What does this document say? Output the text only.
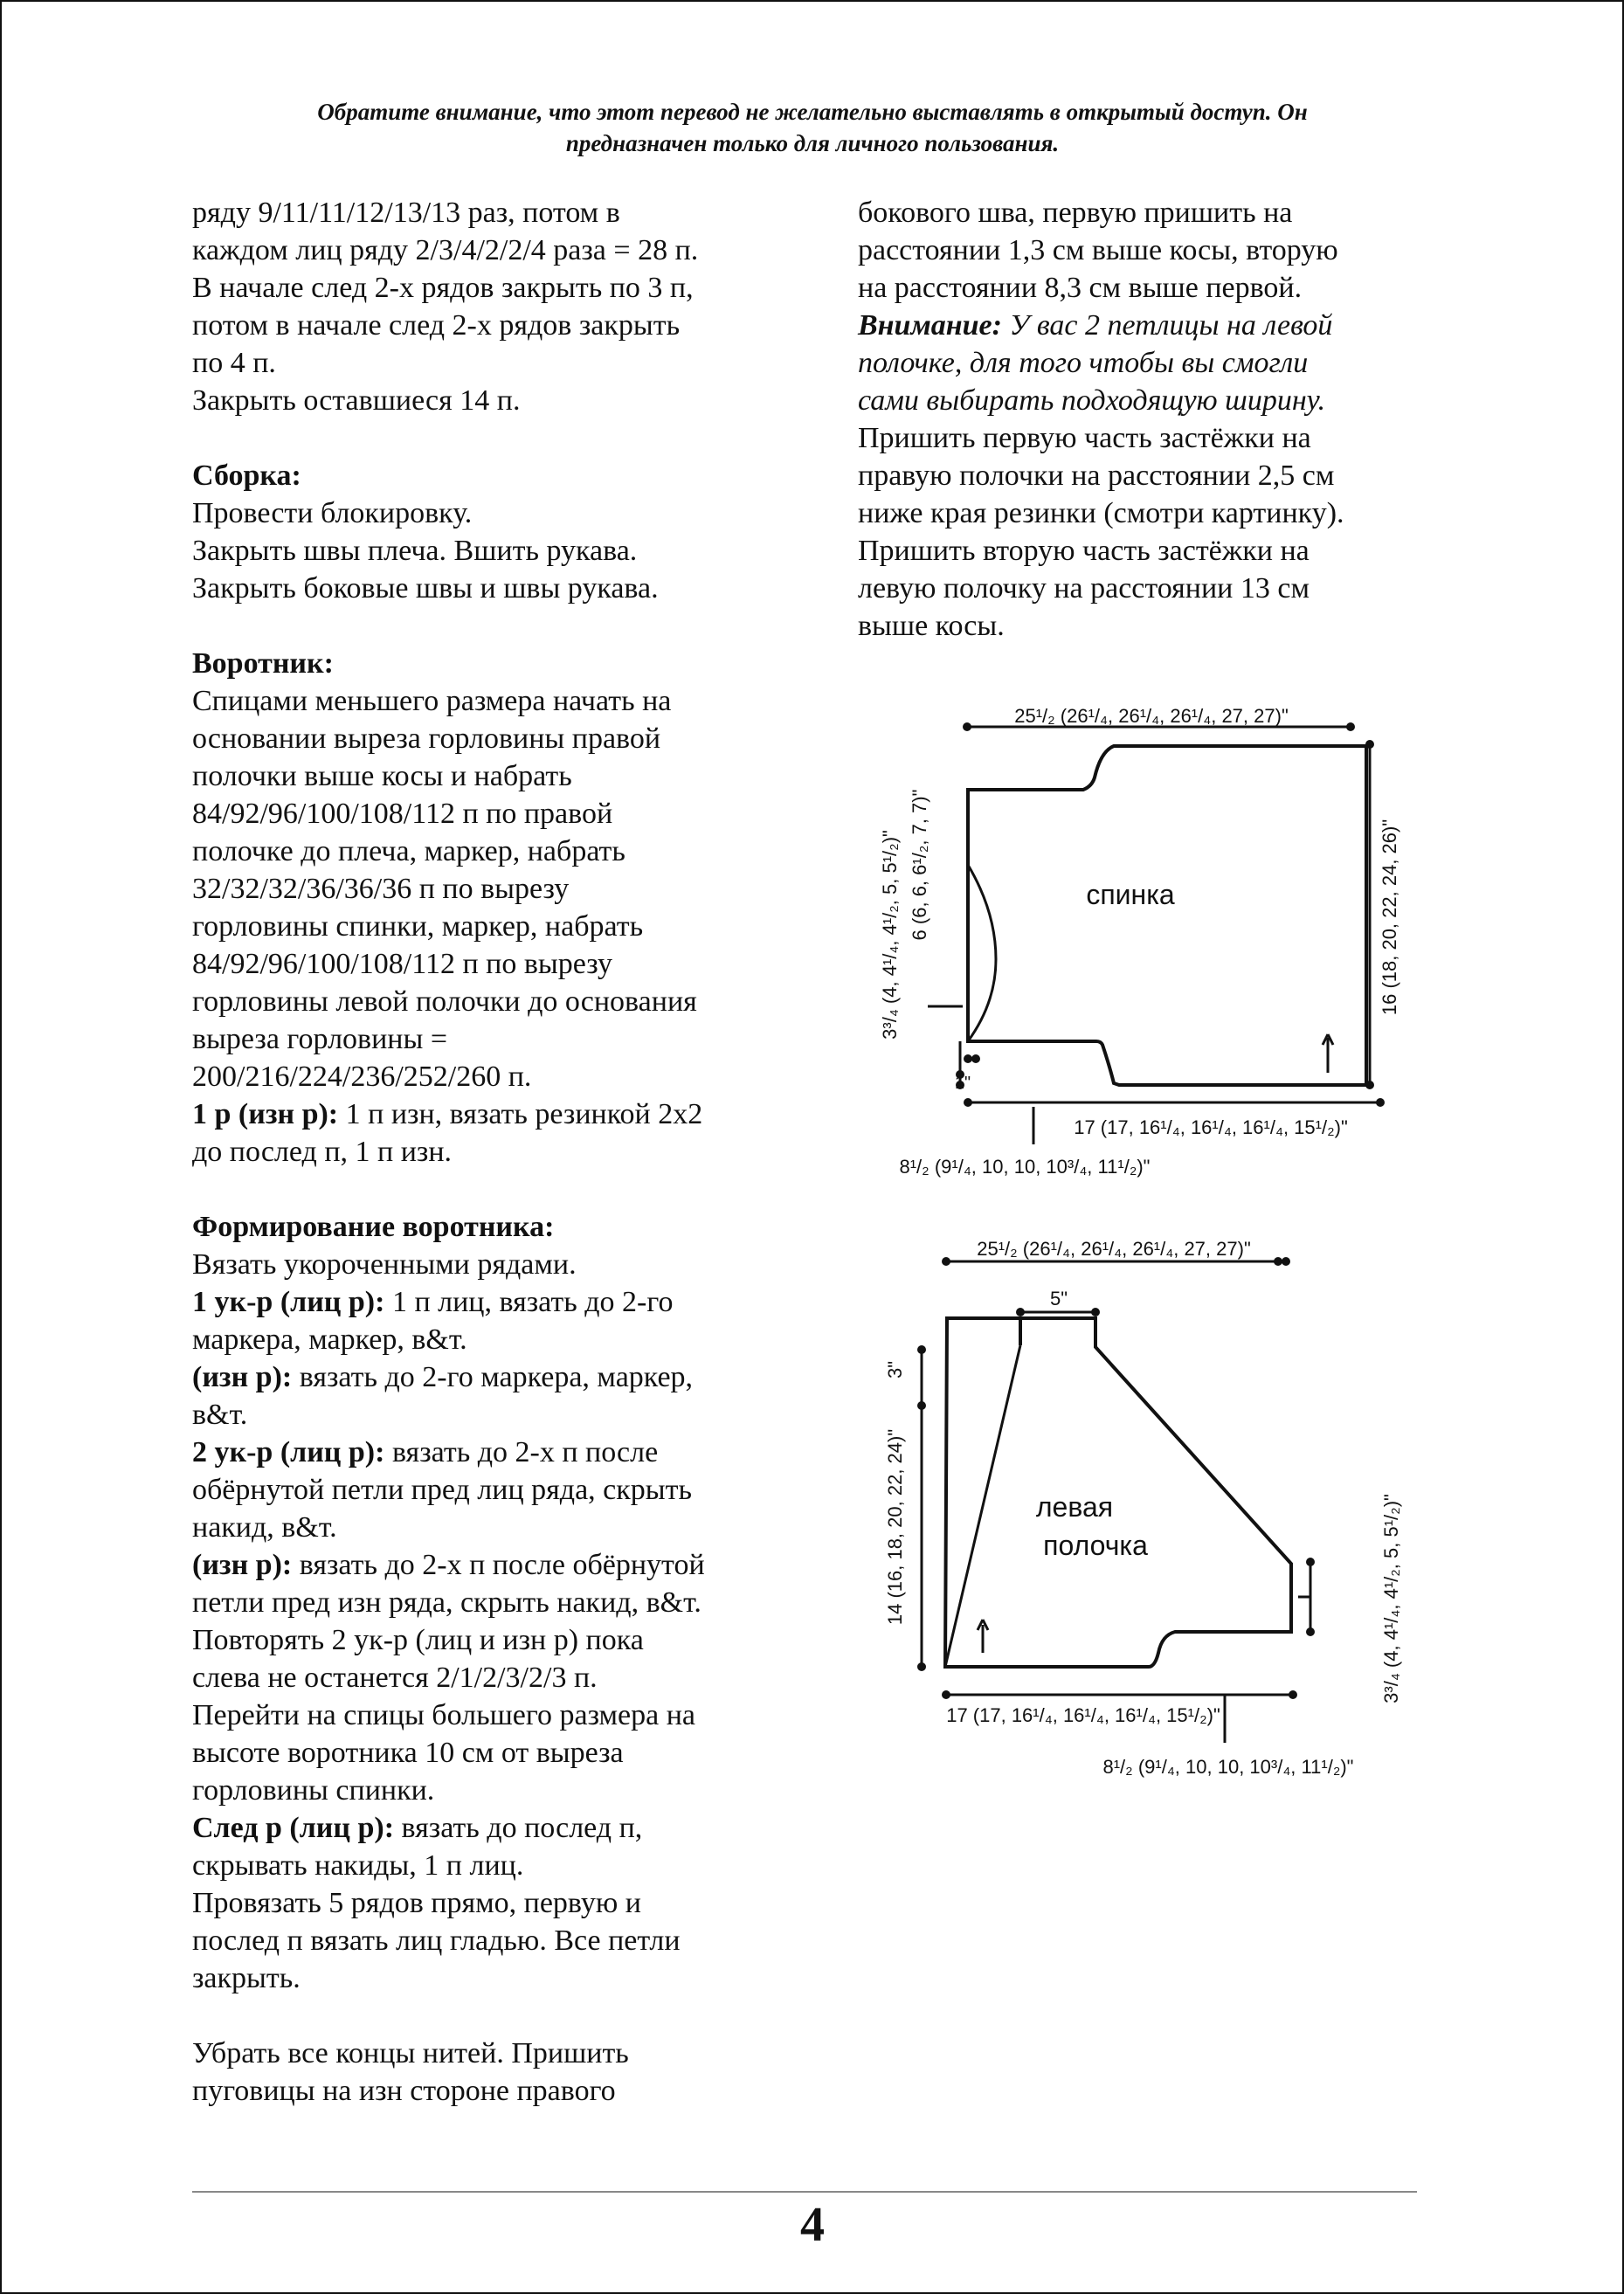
Обратите внимание, что этот перевод не желательно выставлять в открытый доступ. Он
предназначен только для личного пользования.

ряду 9/11/11/12/13/13 раз, потом в

каждом лиц ряду 2/3/4/2/2/4 раза = 28 п.

В начале след 2-х рядов закрыть по 3 п,

потом в начале след 2-х рядов закрыть

по 4 п.

Закрыть оставшиеся 14 п.

Сборка:

Провести блокировку.

Закрыть швы плеча. Вшить рукава.

Закрыть боковые швы и швы рукава.

Воротник:

Спицами меньшего размера начать на

основании выреза горловины правой

полочки выше косы и набрать

84/92/96/100/108/112 п по правой

полочке до плеча, маркер, набрать

32/32/32/36/36/36 п по вырезу

горловины спинки, маркер, набрать

84/92/96/100/108/112 п по вырезу

горловины левой полочки до основания

выреза горловины =

200/216/224/236/252/260 п.

1 р (изн р): 1 п изн, вязать резинкой 2х2

до послед п, 1 п изн.

Формирование воротника:

Вязать укороченными рядами.

1 ук-р (лиц р): 1 п лиц, вязать до 2-го

маркера, маркер, в&т.

(изн р): вязать до 2-го маркера, маркер,

в&т.

2 ук-р (лиц р): вязать до 2-х п после

обёрнутой петли пред лиц ряда, скрыть

накид, в&т.

(изн р): вязать до 2-х п после обёрнутой

петли пред изн ряда, скрыть накид, в&т.

Повторять 2 ук-р (лиц и изн р) пока

слева не останется 2/1/2/3/2/3 п.

Перейти на спицы большего размера на

высоте воротника 10 см от выреза

горловины спинки.

След р (лиц р): вязать до послед п,

скрывать накиды, 1 п лиц.

Провязать 5 рядов прямо, первую и

послед п вязать лиц гладью. Все петли

закрыть.

Убрать все концы нитей. Пришить

пуговицы на изн стороне правого

бокового шва, первую пришить на

расстоянии 1,3 см выше косы, вторую

на расстоянии 8,3 см выше первой.

Внимание: У вас 2 петлицы на левой

полочке, для того чтобы вы смогли

сами выбирать подходящую ширину.

Пришить первую часть застёжки на

правую полочки на расстоянии 2,5 см

ниже края резинки (смотри картинку).

Пришить вторую часть застёжки на

левую полочку на расстоянии 13 см

выше косы.

25¹/₂ (26¹/₄, 26¹/₄, 26¹/₄, 27, 27)"
спинка	16 (18, 20, 22, 24, 26)"
6 (6, 6, 6¹/₂, 7, 7)"
3³/₄ (4, 4¹/₄, 4¹/₂, 5, 5¹/₂)"
1"
17 (17, 16¹/₄, 16¹/₄, 16¹/₄, 15¹/₂)"
8¹/₂ (9¹/₄, 10, 10, 10³/₄, 11¹/₂)"
25¹/₂ (26¹/₄, 26¹/₄, 26¹/₄, 27, 27)"
5"
3"
14 (16, 18, 20, 22, 24)"	3³/₄ (4, 4¹/₄, 4¹/₂, 5, 5¹/₂)"
левая
полочка
17 (17, 16¹/₄, 16¹/₄, 16¹/₄, 15¹/₂)"
8¹/₂ (9¹/₄, 10, 10, 10³/₄, 11¹/₂)"
4
